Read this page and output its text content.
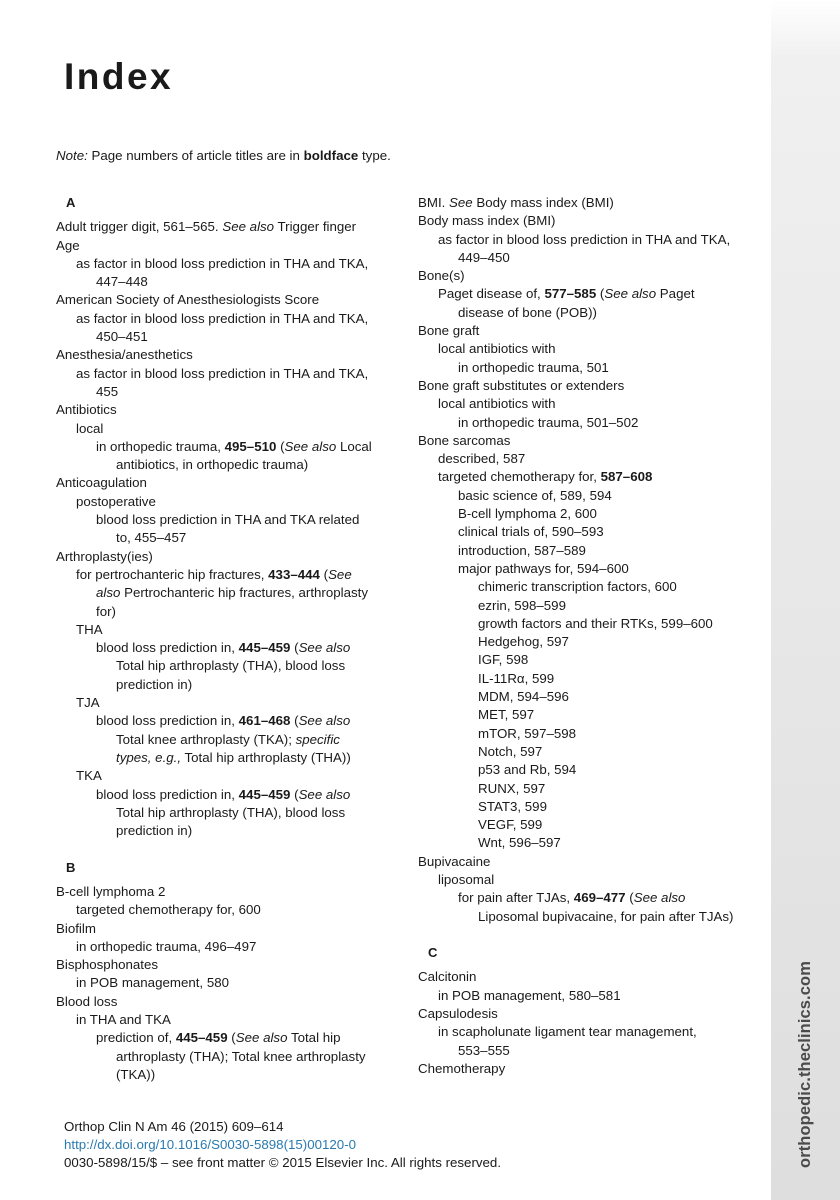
orthopedic.theclinics.com
Index
Note: Page numbers of article titles are in boldface type.
A
Adult trigger digit, 561–565. See also Trigger finger
Age
as factor in blood loss prediction in THA and TKA,
447–448
American Society of Anesthesiologists Score
as factor in blood loss prediction in THA and TKA,
450–451
Anesthesia/anesthetics
as factor in blood loss prediction in THA and TKA,
455
Antibiotics
local
in orthopedic trauma, 495–510 (See also Local
antibiotics, in orthopedic trauma)
Anticoagulation
postoperative
blood loss prediction in THA and TKA related
to, 455–457
Arthroplasty(ies)
for pertrochanteric hip fractures, 433–444 (See
also Pertrochanteric hip fractures, arthroplasty
for)
THA
blood loss prediction in, 445–459 (See also
Total hip arthroplasty (THA), blood loss
prediction in)
TJA
blood loss prediction in, 461–468 (See also
Total knee arthroplasty (TKA); specific
types, e.g., Total hip arthroplasty (THA))
TKA
blood loss prediction in, 445–459 (See also
Total hip arthroplasty (THA), blood loss
prediction in)
B
B-cell lymphoma 2
targeted chemotherapy for, 600
Biofilm
in orthopedic trauma, 496–497
Bisphosphonates
in POB management, 580
Blood loss
in THA and TKA
prediction of, 445–459 (See also Total hip
arthroplasty (THA); Total knee arthroplasty
(TKA))
BMI. See Body mass index (BMI)
Body mass index (BMI)
as factor in blood loss prediction in THA and TKA,
449–450
Bone(s)
Paget disease of, 577–585 (See also Paget
disease of bone (POB))
Bone graft
local antibiotics with
in orthopedic trauma, 501
Bone graft substitutes or extenders
local antibiotics with
in orthopedic trauma, 501–502
Bone sarcomas
described, 587
targeted chemotherapy for, 587–608
basic science of, 589, 594
B-cell lymphoma 2, 600
clinical trials of, 590–593
introduction, 587–589
major pathways for, 594–600
chimeric transcription factors, 600
ezrin, 598–599
growth factors and their RTKs, 599–600
Hedgehog, 597
IGF, 598
IL-11Rα, 599
MDM, 594–596
MET, 597
mTOR, 597–598
Notch, 597
p53 and Rb, 594
RUNX, 597
STAT3, 599
VEGF, 599
Wnt, 596–597
Bupivacaine
liposomal
for pain after TJAs, 469–477 (See also
Liposomal bupivacaine, for pain after TJAs)
C
Calcitonin
in POB management, 580–581
Capsulodesis
in scapholunate ligament tear management,
553–555
Chemotherapy
Orthop Clin N Am 46 (2015) 609–614
http://dx.doi.org/10.1016/S0030-5898(15)00120-0
0030-5898/15/$ – see front matter © 2015 Elsevier Inc. All rights reserved.
